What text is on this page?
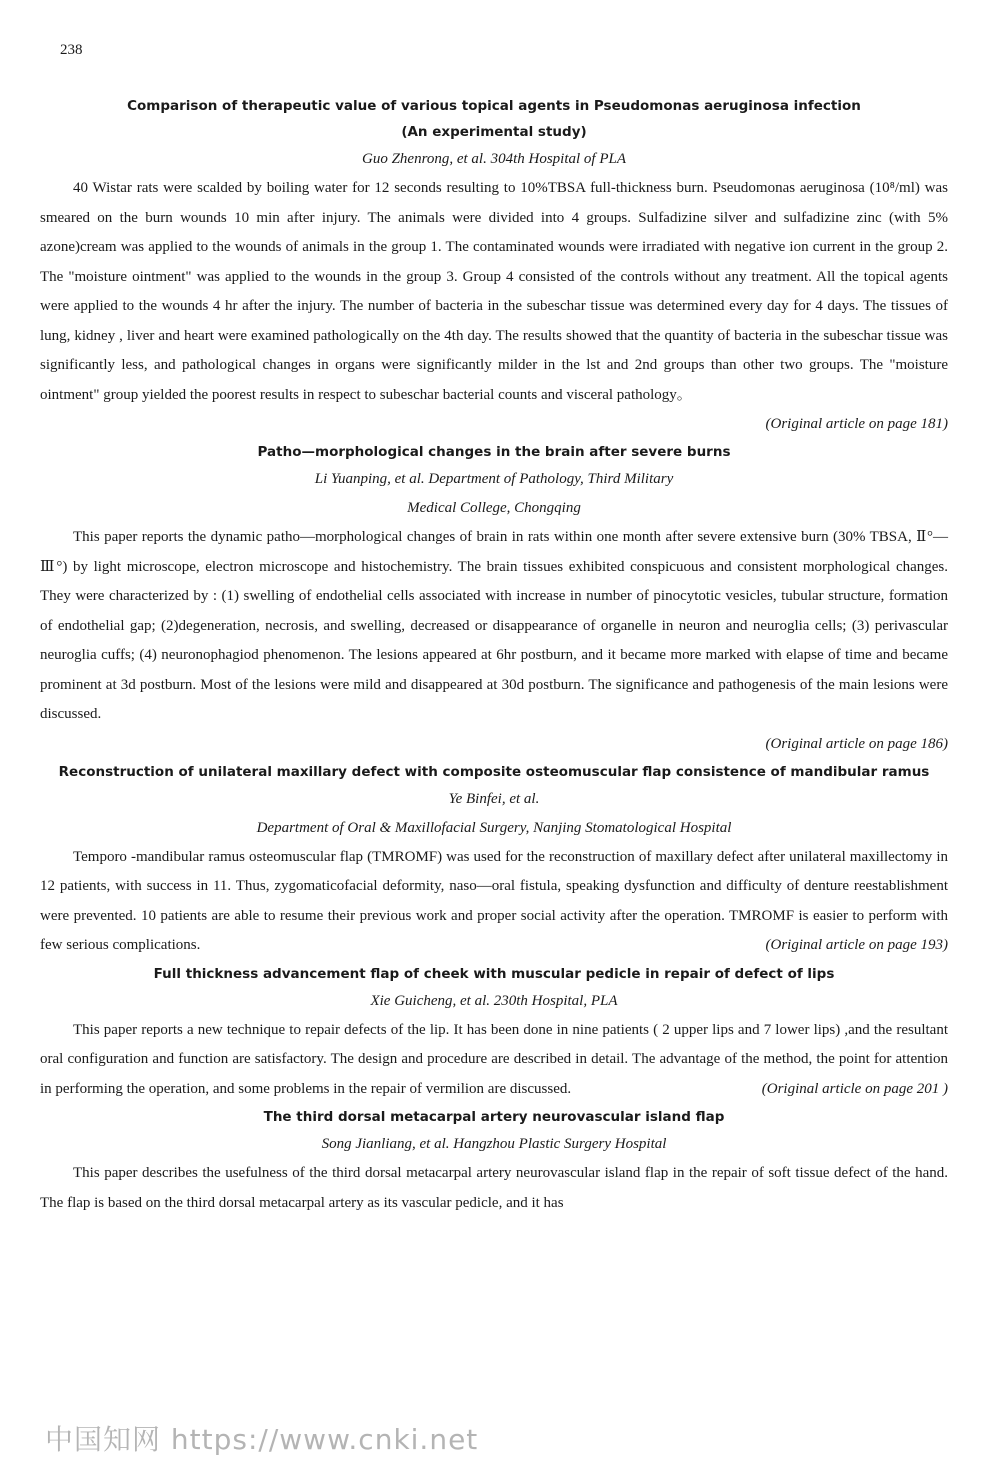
238

Comparison of therapeutic value of various topical agents in Pseudomonas aeruginosa infection

(An experimental study)

Guo Zhenrong, et al. 304th Hospital of PLA

40 Wistar rats were scalded by boiling water for 12 seconds resulting to 10%TBSA full-thickness burn. Pseudomonas aeruginosa (10⁸/ml) was smeared on the burn wounds 10 min after injury. The animals were divided into 4 groups. Sulfadizine silver and sulfadizine zinc (with 5% azone)cream was applied to the wounds of animals in the group 1. The contaminated wounds were irradiated with negative ion current in the group 2. The "moisture ointment" was applied to the wounds in the group 3. Group 4 consisted of the controls without any treatment. All the topical agents were applied to the wounds 4 hr after the injury. The number of bacteria in the subeschar tissue was determined every day for 4 days. The tissues of lung, kidney , liver and heart were examined pathologically on the 4th day. The results showed that the quantity of bacteria in the subeschar tissue was significantly less, and pathological changes in organs were significantly milder in the lst and 2nd groups than other two groups. The "moisture ointment" group yielded the poorest results in respect to subeschar bacterial counts and visceral pathology。

(Original article on page 181)

Patho—morphological changes in the brain after severe burns

Li Yuanping, et al. Department of Pathology, Third Military

Medical College, Chongqing

This paper reports the dynamic patho—morphological changes of brain in rats within one month after severe extensive burn (30% TBSA, Ⅱ°—Ⅲ°) by light microscope, electron microscope and histochemistry. The brain tissues exhibited conspicuous and consistent morphological changes. They were characterized by : (1) swelling of endothelial cells associated with increase in number of pinocytotic vesicles, tubular structure, formation of endothelial gap; (2)degeneration, necrosis, and swelling, decreased or disappearance of organelle in neuron and neuroglia cells; (3) perivascular neuroglia cuffs; (4) neuronophagiod phenomenon. The lesions appeared at 6hr postburn, and it became more marked with elapse of time and became prominent at 3d postburn. Most of the lesions were mild and disappeared at 30d postburn. The significance and pathogenesis of the main lesions were discussed.

(Original article on page 186)

Reconstruction of unilateral maxillary defect with composite osteomuscular flap consistence of mandibular ramus

Ye Binfei, et al.

Department of Oral & Maxillofacial Surgery, Nanjing Stomatological Hospital

Temporo -mandibular ramus osteomuscular flap (TMROMF) was used for the reconstruction of maxillary defect after unilateral maxillectomy in 12 patients, with success in 11. Thus, zygomaticofacial deformity, naso—oral fistula, speaking dysfunction and difficulty of denture reestablishment were prevented. 10 patients are able to resume their previous work and proper social activity after the operation. TMROMF is easier to perform with few serious complications.	(Original article on page 193)

Full thickness advancement flap of cheek with muscular pedicle in repair of defect of lips

Xie Guicheng, et al. 230th Hospital, PLA

This paper reports a new technique to repair defects of the lip. It has been done in nine patients ( 2 upper lips and 7 lower lips) ,and the resultant oral configuration and function are satisfactory. The design and procedure are described in detail. The advantage of the method, the point for attention in performing the operation, and some problems in the repair of vermilion are discussed.	(Original article on page 201 )

The third dorsal metacarpal artery neurovascular island flap

Song Jianliang, et al. Hangzhou Plastic Surgery Hospital

This paper describes the usefulness of the third dorsal metacarpal artery neurovascular island flap in the repair of soft tissue defect of the hand. The flap is based on the third dorsal metacarpal artery as its vascular pedicle, and it has

中国知网 https://www.cnki.net
